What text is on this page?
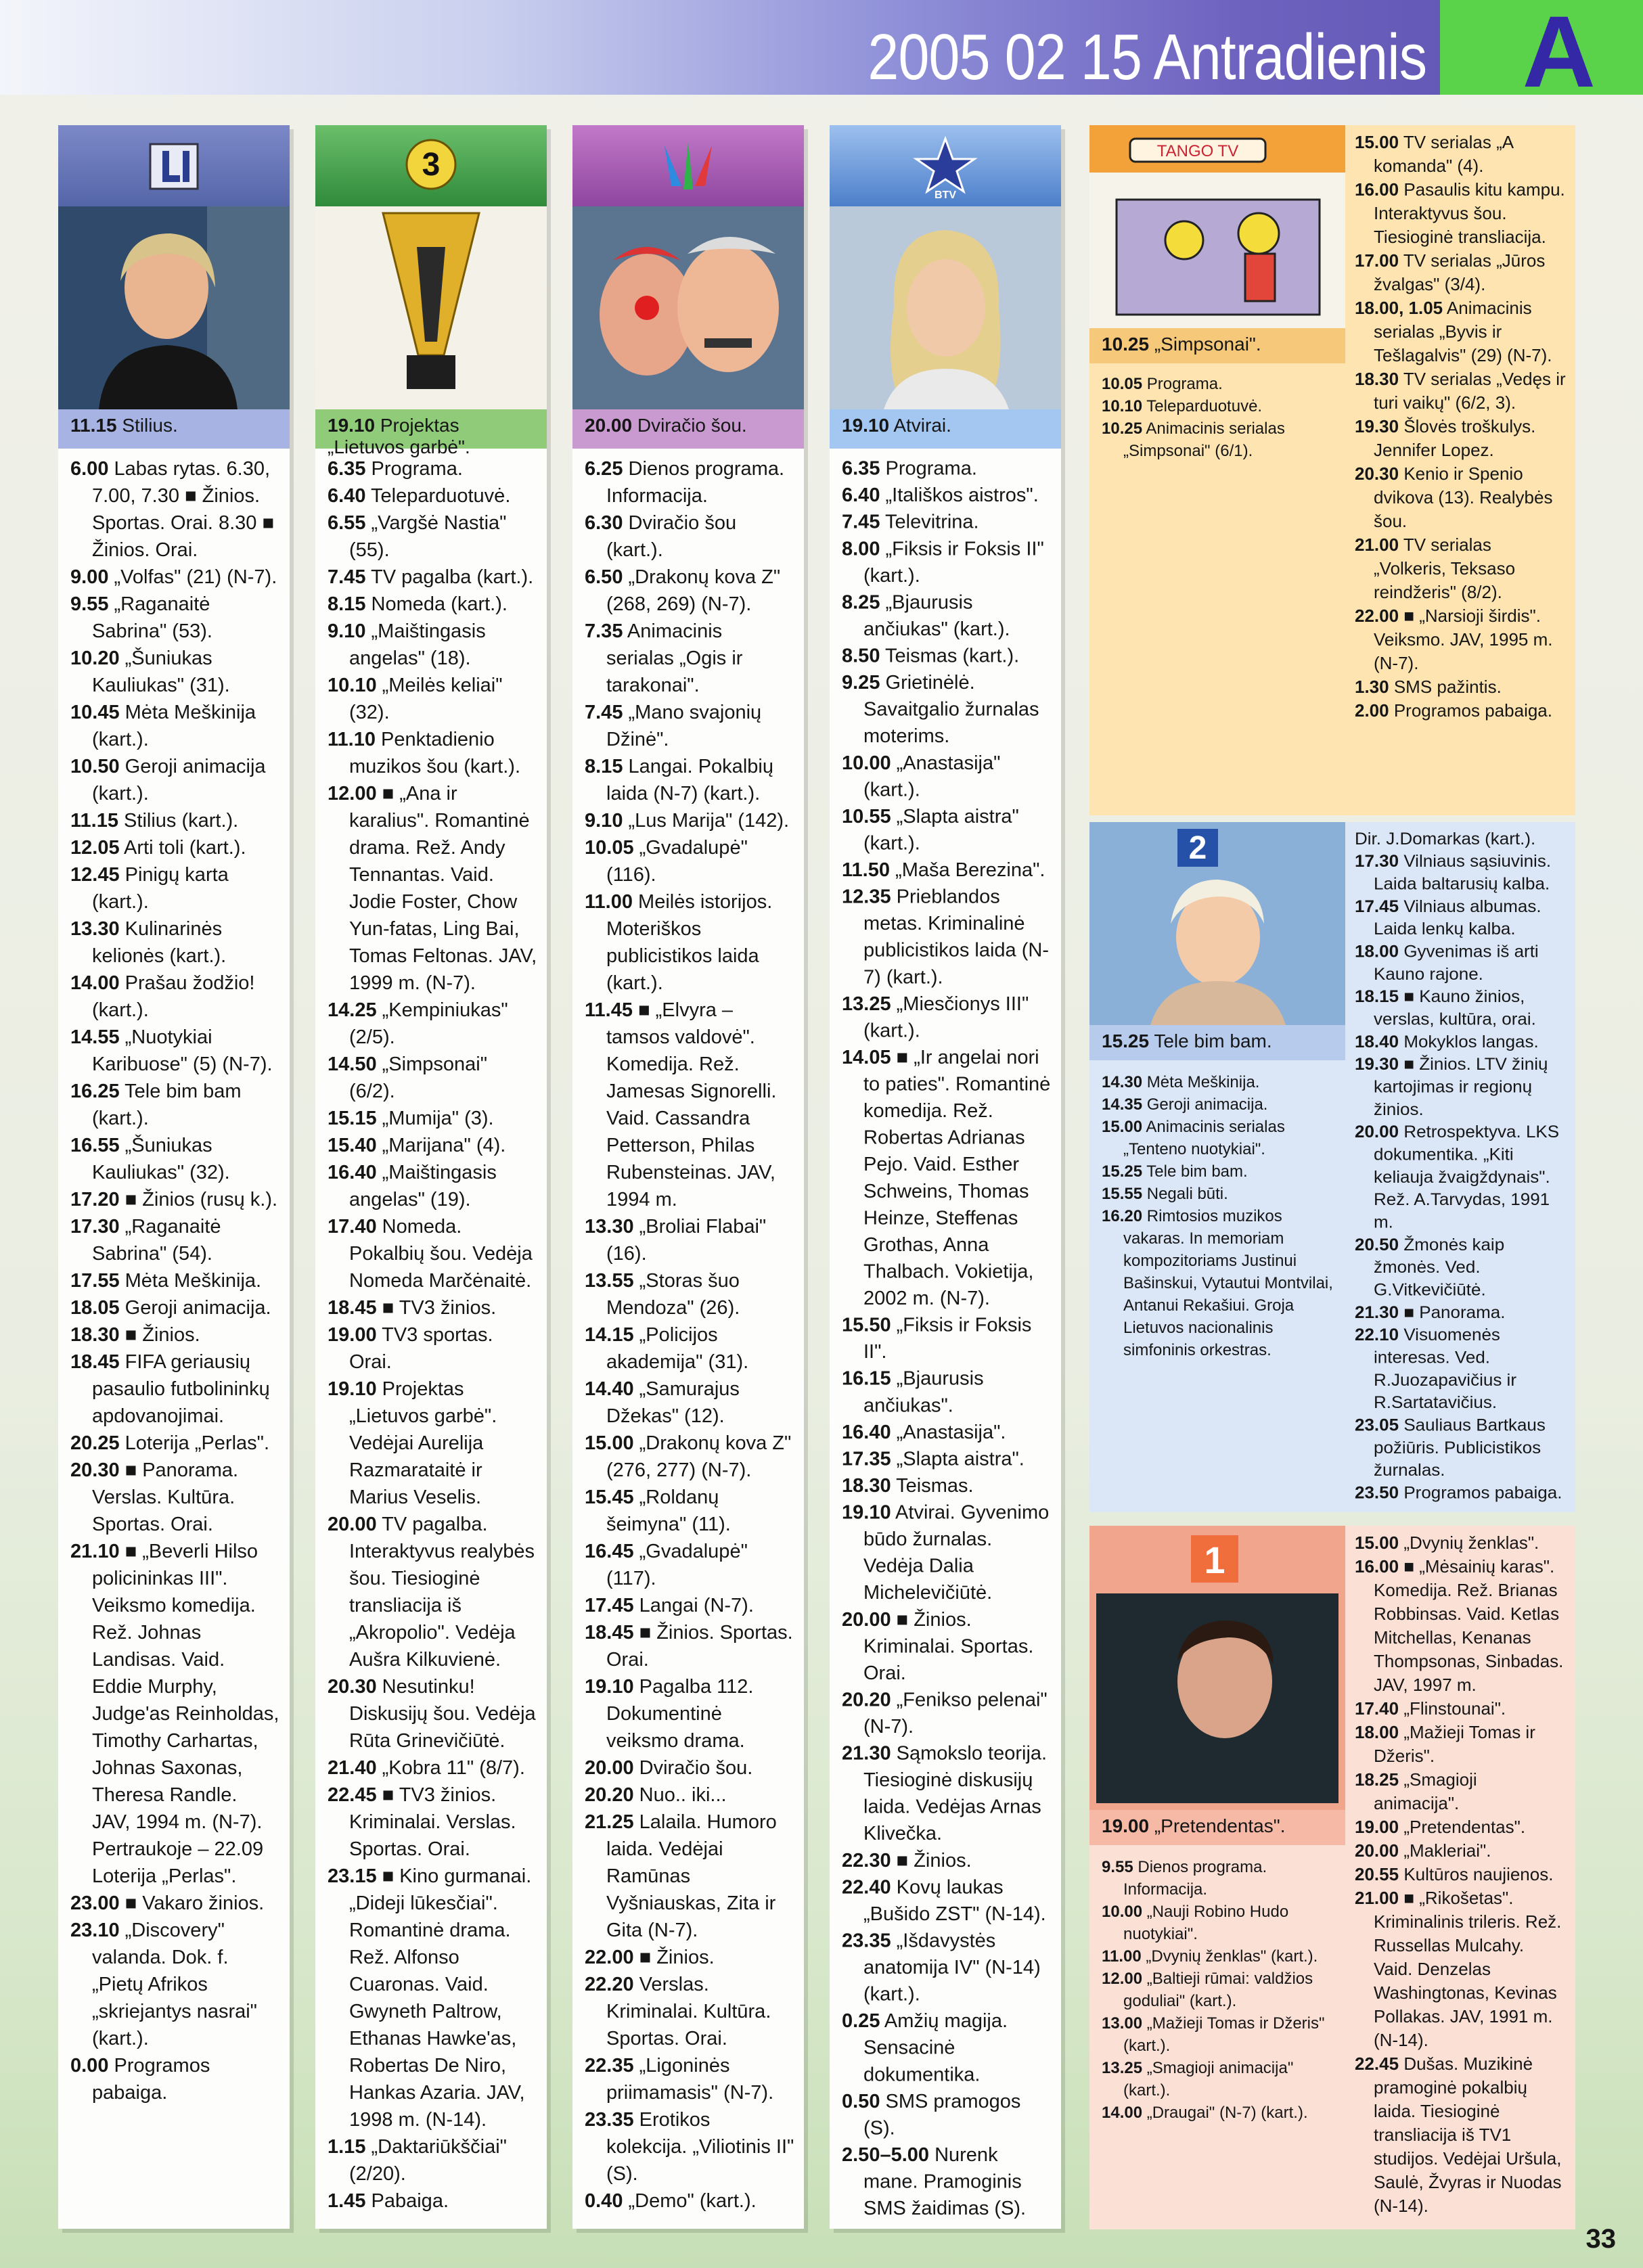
2005 02 15 Antradienis A
11.15 Stilius.

6.00 Labas rytas. 6.30, 7.00, 7.30 ■ Žinios. Sportas. Orai. 8.30 ■ Žinios. Orai.

9.00 „Volfas" (21) (N-7).

9.55 „Raganaitė Sabrina" (53).

10.20 „Šuniukas Kauliukas" (31).

10.45 Mėta Meškinija (kart.).

10.50 Geroji animacija (kart.).

11.15 Stilius (kart.).

12.05 Arti toli (kart.).

12.45 Pinigų karta (kart.).

13.30 Kulinarinės kelionės (kart.).

14.00 Prašau žodžio! (kart.).

14.55 „Nuotykiai Karibuose" (5) (N-7).

16.25 Tele bim bam (kart.).

16.55 „Šuniukas Kauliukas" (32).

17.20 ■ Žinios (rusų k.).

17.30 „Raganaitė Sabrina" (54).

17.55 Mėta Meškinija.

18.05 Geroji animacija.

18.30 ■ Žinios.

18.45 FIFA geriausių pasaulio futbolininkų apdovanojimai.

20.25 Loterija „Perlas".

20.30 ■ Panorama. Verslas. Kultūra. Sportas. Orai.

21.10 ■ „Beverli Hilso policininkas III". Veiksmo komedija. Rež. Johnas Landisas. Vaid. Eddie Murphy, Judge'as Reinholdas, Timothy Carhartas, Johnas Saxonas, Theresa Randle. JAV, 1994 m. (N-7). Pertraukoje – 22.09 Loterija „Perlas".

23.00 ■ Vakaro žinios.

23.10 „Discovery" valanda. Dok. f. „Pietų Afrikos „skriejantys nasrai" (kart.).

0.00 Programos pabaiga.

3
19.10 Projektas „Lietuvos garbė".

6.35 Programa.

6.40 Teleparduotuvė.

6.55 „Vargšė Nastia" (55).

7.45 TV pagalba (kart.).

8.15 Nomeda (kart.).

9.10 „Maištingasis angelas" (18).

10.10 „Meilės keliai" (32).

11.10 Penktadienio muzikos šou (kart.).

12.00 ■ „Ana ir karalius". Romantinė drama. Rež. Andy Tennantas. Vaid. Jodie Foster, Chow Yun-fatas, Ling Bai, Tomas Feltonas. JAV, 1999 m. (N-7).

14.25 „Kempiniukas" (2/5).

14.50 „Simpsonai" (6/2).

15.15 „Mumija" (3).

15.40 „Marijana" (4).

16.40 „Maištingasis angelas" (19).

17.40 Nomeda. Pokalbių šou. Vedėja Nomeda Marčėnaitė.

18.45 ■ TV3 žinios.

19.00 TV3 sportas. Orai.

19.10 Projektas „Lietuvos garbė". Vedėjai Aurelija Razmarataitė ir Marius Veselis.

20.00 TV pagalba. Interaktyvus realybės šou. Tiesioginė transliacija iš „Akropolio". Vedėja Aušra Kilkuvienė.

20.30 Nesutinku! Diskusijų šou. Vedėja Rūta Grinevičiūtė.

21.40 „Kobra 11" (8/7).

22.45 ■ TV3 žinios. Kriminalai. Verslas. Sportas. Orai.

23.15 ■ Kino gurmanai. „Dideji lūkesčiai". Romantinė drama. Rež. Alfonso Cuaronas. Vaid. Gwyneth Paltrow, Ethanas Hawke'as, Robertas De Niro, Hankas Azaria. JAV, 1998 m. (N-14).

1.15 „Daktariūkščiai" (2/20).

1.45 Pabaiga.

20.00 Dviračio šou.

6.25 Dienos programa. Informacija.

6.30 Dviračio šou (kart.).

6.50 „Drakonų kova Z" (268, 269) (N-7).

7.35 Animacinis serialas „Ogis ir tarakonai".

7.45 „Mano svajonių Džinė".

8.15 Langai. Pokalbių laida (N-7) (kart.).

9.10 „Lus Marija" (142).

10.05 „Gvadalupė" (116).

11.00 Meilės istorijos. Moteriškos publicistikos laida (kart.).

11.45 ■ „Elvyra – tamsos valdovė". Komedija. Rež. Jamesas Signorelli. Vaid. Cassandra Petterson, Philas Rubensteinas. JAV, 1994 m.

13.30 „Broliai Flabai" (16).

13.55 „Storas šuo Mendoza" (26).

14.15 „Policijos akademija" (31).

14.40 „Samurajus Džekas" (12).

15.00 „Drakonų kova Z" (276, 277) (N-7).

15.45 „Roldanų šeimyna" (11).

16.45 „Gvadalupė" (117).

17.45 Langai (N-7).

18.45 ■ Žinios. Sportas. Orai.

19.10 Pagalba 112. Dokumentinė veiksmo drama.

20.00 Dviračio šou.

20.20 Nuo.. iki...

21.25 Lalaila. Humoro laida. Vedėjai Ramūnas Vyšniauskas, Zita ir Gita (N-7).

22.00 ■ Žinios.

22.20 Verslas. Kriminalai. Kultūra. Sportas. Orai.

22.35 „Ligoninės priimamasis" (N-7).

23.35 Erotikos kolekcija. „Viliotinis II" (S).

0.40 „Demo" (kart.).

BTV
19.10 Atvirai.

6.35 Programa.

6.40 „Itališkos aistros".

7.45 Televitrina.

8.00 „Fiksis ir Foksis II" (kart.).

8.25 „Bjaurusis ančiukas" (kart.).

8.50 Teismas (kart.).

9.25 Grietinėlė. Savaitgalio žurnalas moterims.

10.00 „Anastasija" (kart.).

10.55 „Slapta aistra" (kart.).

11.50 „Maša Berezina".

12.35 Prieblandos metas. Kriminalinė publicistikos laida (N-7) (kart.).

13.25 „Miesčionys III" (kart.).

14.05 ■ „Ir angelai nori to paties". Romantinė komedija. Rež. Robertas Adrianas Pejo. Vaid. Esther Schweins, Thomas Heinze, Steffenas Grothas, Anna Thalbach. Vokietija, 2002 m. (N-7).

15.50 „Fiksis ir Foksis II".

16.15 „Bjaurusis ančiukas".

16.40 „Anastasija".

17.35 „Slapta aistra".

18.30 Teismas.

19.10 Atvirai. Gyvenimo būdo žurnalas. Vedėja Dalia Michelevičiūtė.

20.00 ■ Žinios. Kriminalai. Sportas. Orai.

20.20 „Fenikso pelenai" (N-7).

21.30 Sąmokslo teorija. Tiesioginė diskusijų laida. Vedėjas Arnas Klivečka.

22.30 ■ Žinios.

22.40 Kovų laukas „Bušido ZST" (N-14).

23.35 „Išdavystės anatomija IV" (N-14) (kart.).

0.25 Amžių magija. Sensacinė dokumentika.

0.50 SMS pramogos (S).

2.50–5.00 Nurenk mane. Pramoginis SMS žaidimas (S).

TANGO TV
10.25 „Simpsonai".

10.05 Programa.

10.10 Teleparduotuvė.

10.25 Animacinis serialas „Simpsonai" (6/1).

15.00 TV serialas „A komanda" (4).

16.00 Pasaulis kitu kampu. Interaktyvus šou. Tiesioginė transliacija.

17.00 TV serialas „Jūros žvalgas" (3/4).

18.00, 1.05 Animacinis serialas „Byvis ir Tešlagalvis" (29) (N-7).

18.30 TV serialas „Vedęs ir turi vaikų" (6/2, 3).

19.30 Šlovės troškulys. Jennifer Lopez.

20.30 Kenio ir Spenio dvikova (13). Realybės šou.

21.00 TV serialas „Volkeris, Teksaso reindžeris" (8/2).

22.00 ■ „Narsioji širdis". Veiksmo. JAV, 1995 m. (N-7).

1.30 SMS pažintis.

2.00 Programos pabaiga.

2
15.25 Tele bim bam.

14.30 Mėta Meškinija.

14.35 Geroji animacija.

15.00 Animacinis serialas „Tenteno nuotykiai".

15.25 Tele bim bam.

15.55 Negali būti.

16.20 Rimtosios muzikos vakaras. In memoriam kompozitoriams Justinui Bašinskui, Vytautui Montvilai, Antanui Rekašiui. Groja Lietuvos nacionalinis simfoninis orkestras.

Dir. J.Domarkas (kart.).

17.30 Vilniaus sąsiuvinis. Laida baltarusių kalba.

17.45 Vilniaus albumas. Laida lenkų kalba.

18.00 Gyvenimas iš arti Kauno rajone.

18.15 ■ Kauno žinios, verslas, kultūra, orai.

18.40 Mokyklos langas.

19.30 ■ Žinios. LTV žinių kartojimas ir regionų žinios.

20.00 Retrospektyva. LKS dokumentika. „Kiti keliauja žvaigždynais". Rež. A.Tarvydas, 1991 m.

20.50 Žmonės kaip žmonės. Ved. G.Vitkevičiūtė.

21.30 ■ Panorama.

22.10 Visuomenės interesas. Ved. R.Juozapavičius ir R.Sartatavičius.

23.05 Sauliaus Bartkaus požiūris. Publicistikos žurnalas.

23.50 Programos pabaiga.

1
19.00 „Pretendentas".

9.55 Dienos programa. Informacija.

10.00 „Nauji Robino Hudo nuotykiai".

11.00 „Dvynių ženklas" (kart.).

12.00 „Baltieji rūmai: valdžios goduliai" (kart.).

13.00 „Mažieji Tomas ir Džeris" (kart.).

13.25 „Smagioji animacija" (kart.).

14.00 „Draugai" (N-7) (kart.).

15.00 „Dvynių ženklas".

16.00 ■ „Mėsainių karas". Komedija. Rež. Brianas Robbinsas. Vaid. Ketlas Mitchellas, Kenanas Thompsonas, Sinbadas. JAV, 1997 m.

17.40 „Flinstounai".

18.00 „Mažieji Tomas ir Džeris".

18.25 „Smagioji animacija".

19.00 „Pretendentas".

20.00 „Makleriai".

20.55 Kultūros naujienos.

21.00 ■ „Rikošetas". Kriminalinis trileris. Rež. Russellas Mulcahy. Vaid. Denzelas Washingtonas, Kevinas Pollakas. JAV, 1991 m. (N-14).

22.45 Dušas. Muzikinė pramoginė pokalbių laida. Tiesioginė transliacija iš TV1 studijos. Vedėjai Uršula, Saulė, Žvyras ir Nuodas (N-14).

33
